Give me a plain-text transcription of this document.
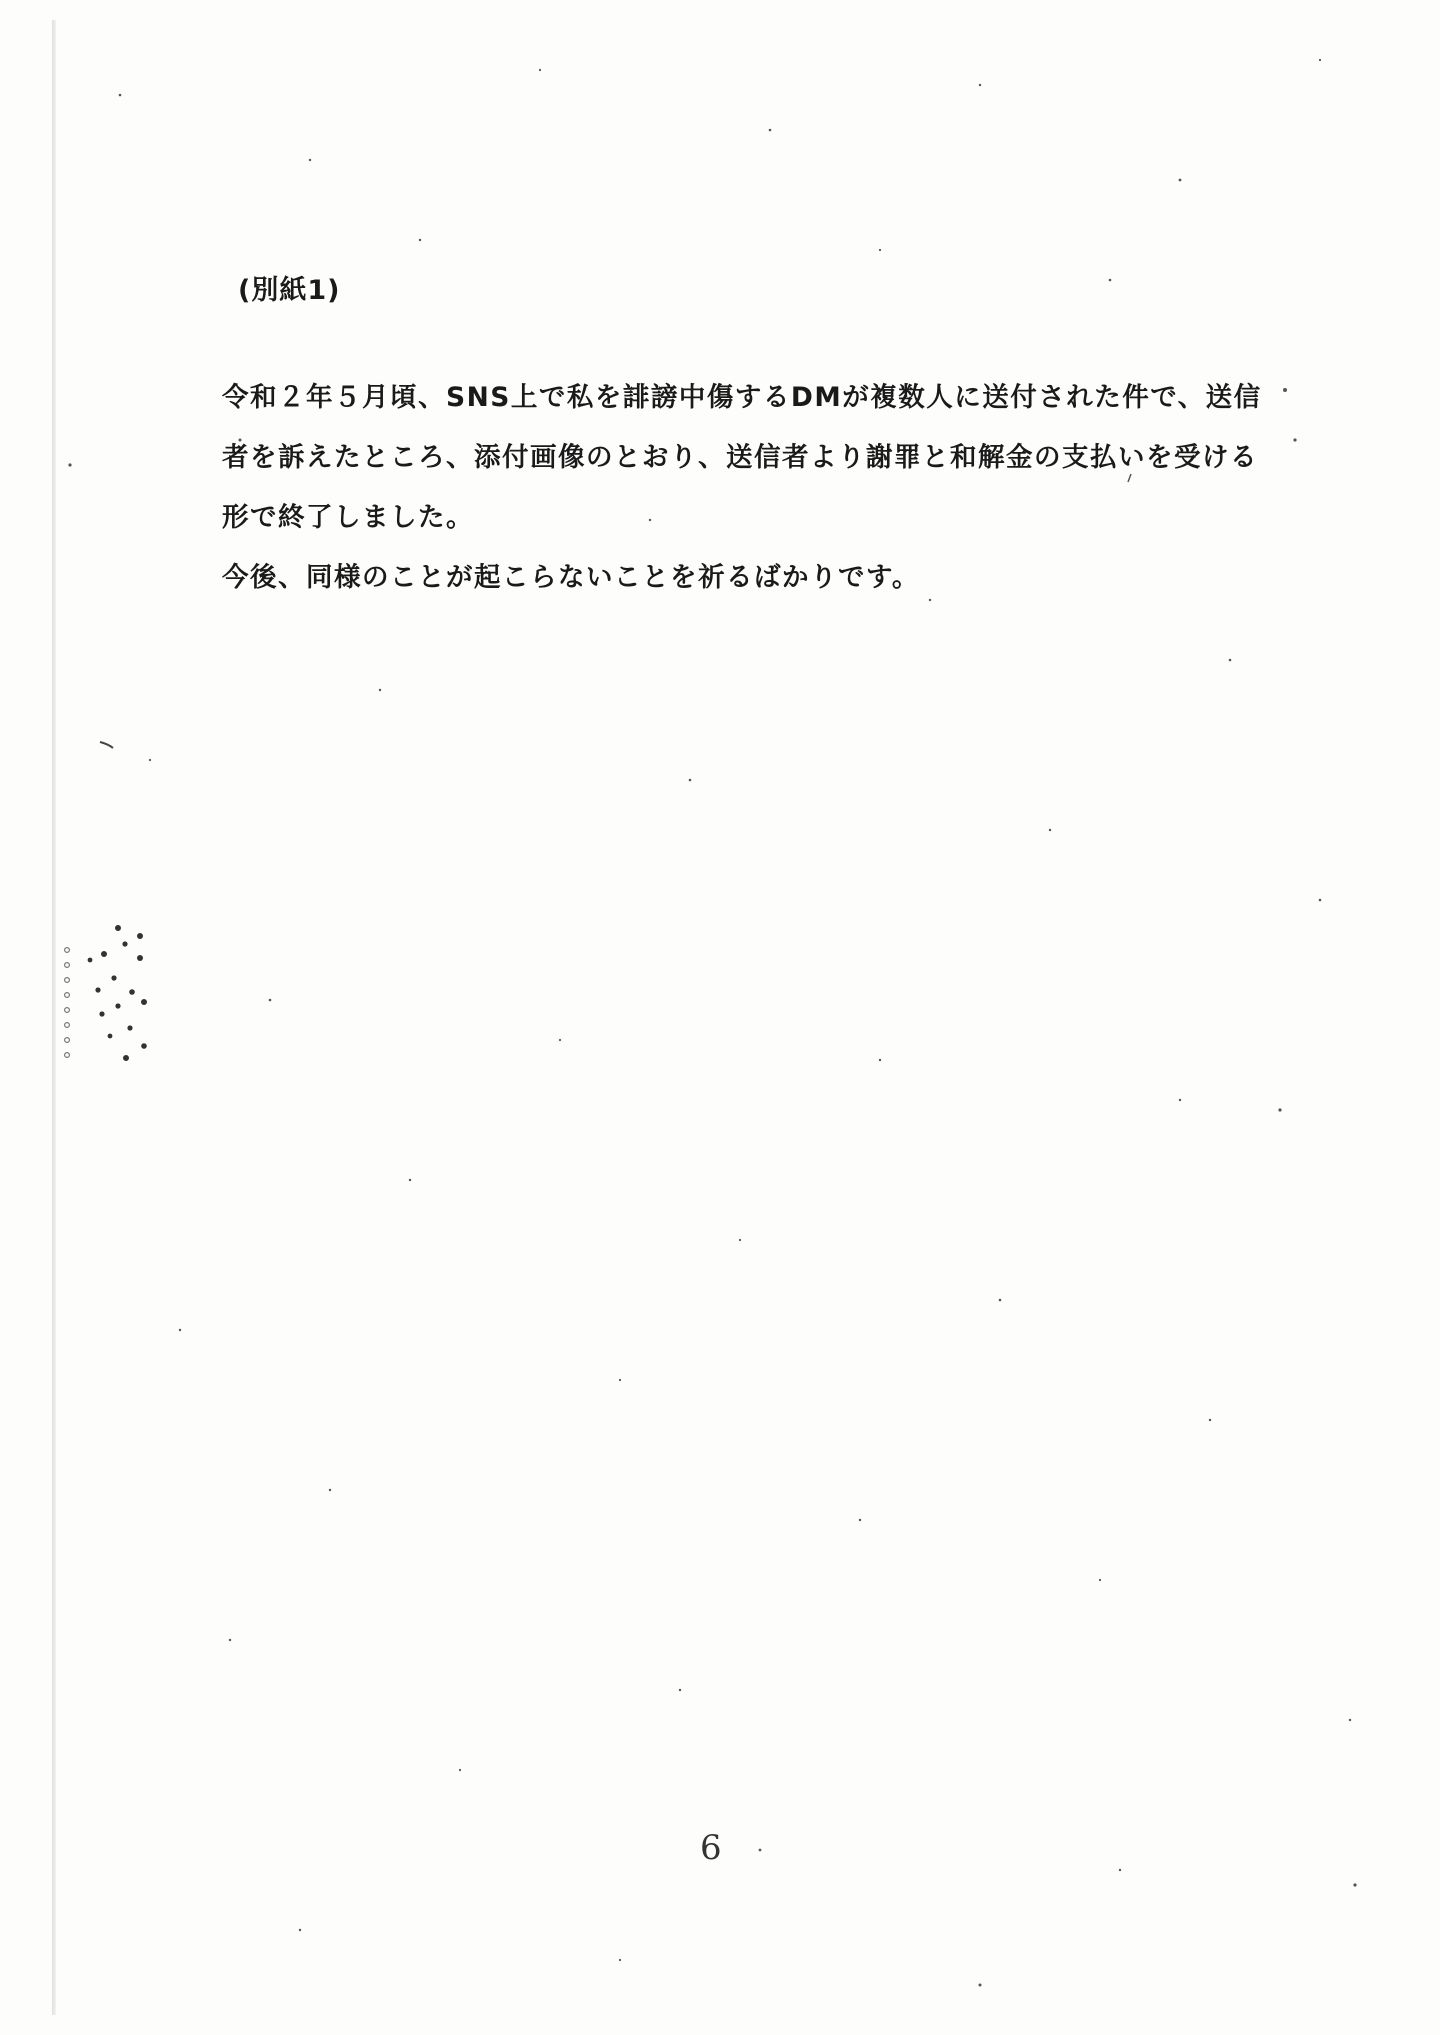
(別紙1)

令和２年５月頃、SNS上で私を誹謗中傷するDMが複数人に送付された件で、送信

者を訴えたところ、添付画像のとおり、送信者より謝罪と和解金の支払いを受ける

形で終了しました。

今後、同様のことが起こらないことを祈るばかりです。

6
